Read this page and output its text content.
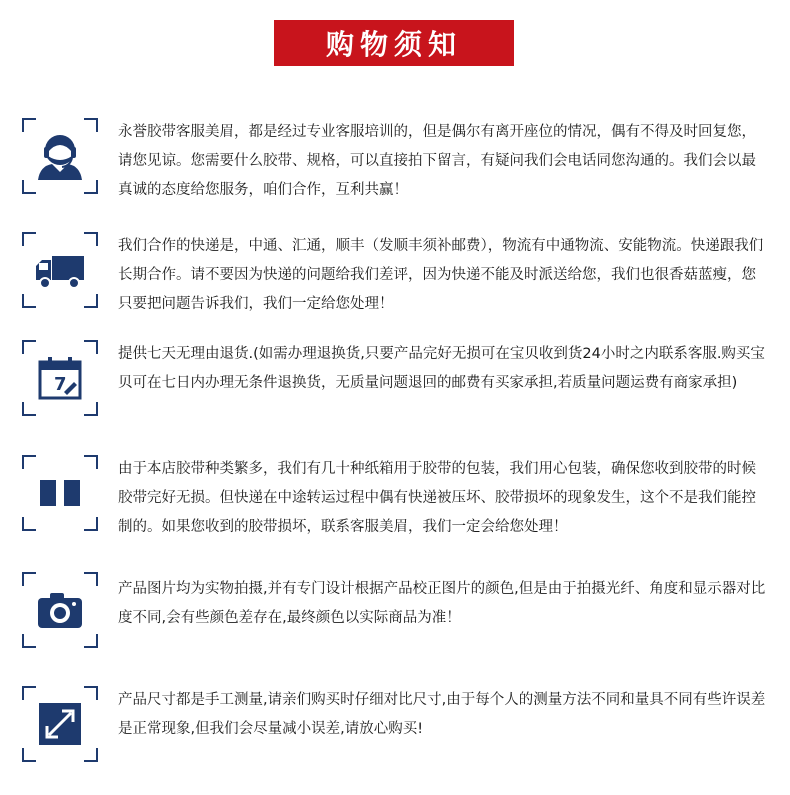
购物须知
永誉胶带客服美眉，都是经过专业客服培训的，但是偶尔有离开座位的情况，偶有不得及时回复您，请您见谅。您需要什么胶带、规格，可以直接拍下留言，有疑问我们会电话同您沟通的。我们会以最真诚的态度给您服务，咱们合作，互利共赢！
我们合作的快递是，中通、汇通，顺丰（发顺丰须补邮费），物流有中通物流、安能物流。快递跟我们长期合作。请不要因为快递的问题给我们差评，因为快递不能及时派送给您，我们也很香菇蓝瘦，您只要把问题告诉我们，我们一定给您处理！
7
提供七天无理由退货.(如需办理退换货,只要产品完好无损可在宝贝收到货24小时之内联系客服.购买宝贝可在七日内办理无条件退换货，无质量问题退回的邮费有买家承担,若质量问题运费有商家承担)
由于本店胶带种类繁多，我们有几十种纸箱用于胶带的包装，我们用心包装，确保您收到胶带的时候胶带完好无损。但快递在中途转运过程中偶有快递被压坏、胶带损坏的现象发生，这个不是我们能控制的。如果您收到的胶带损坏，联系客服美眉，我们一定会给您处理！
产品图片均为实物拍摄,并有专门设计根据产品校正图片的颜色,但是由于拍摄光纤、角度和显示器对比度不同,会有些颜色差存在,最终颜色以实际商品为准！
产品尺寸都是手工测量,请亲们购买时仔细对比尺寸,由于每个人的测量方法不同和量具不同有些许误差是正常现象,但我们会尽量减小误差,请放心购买!
